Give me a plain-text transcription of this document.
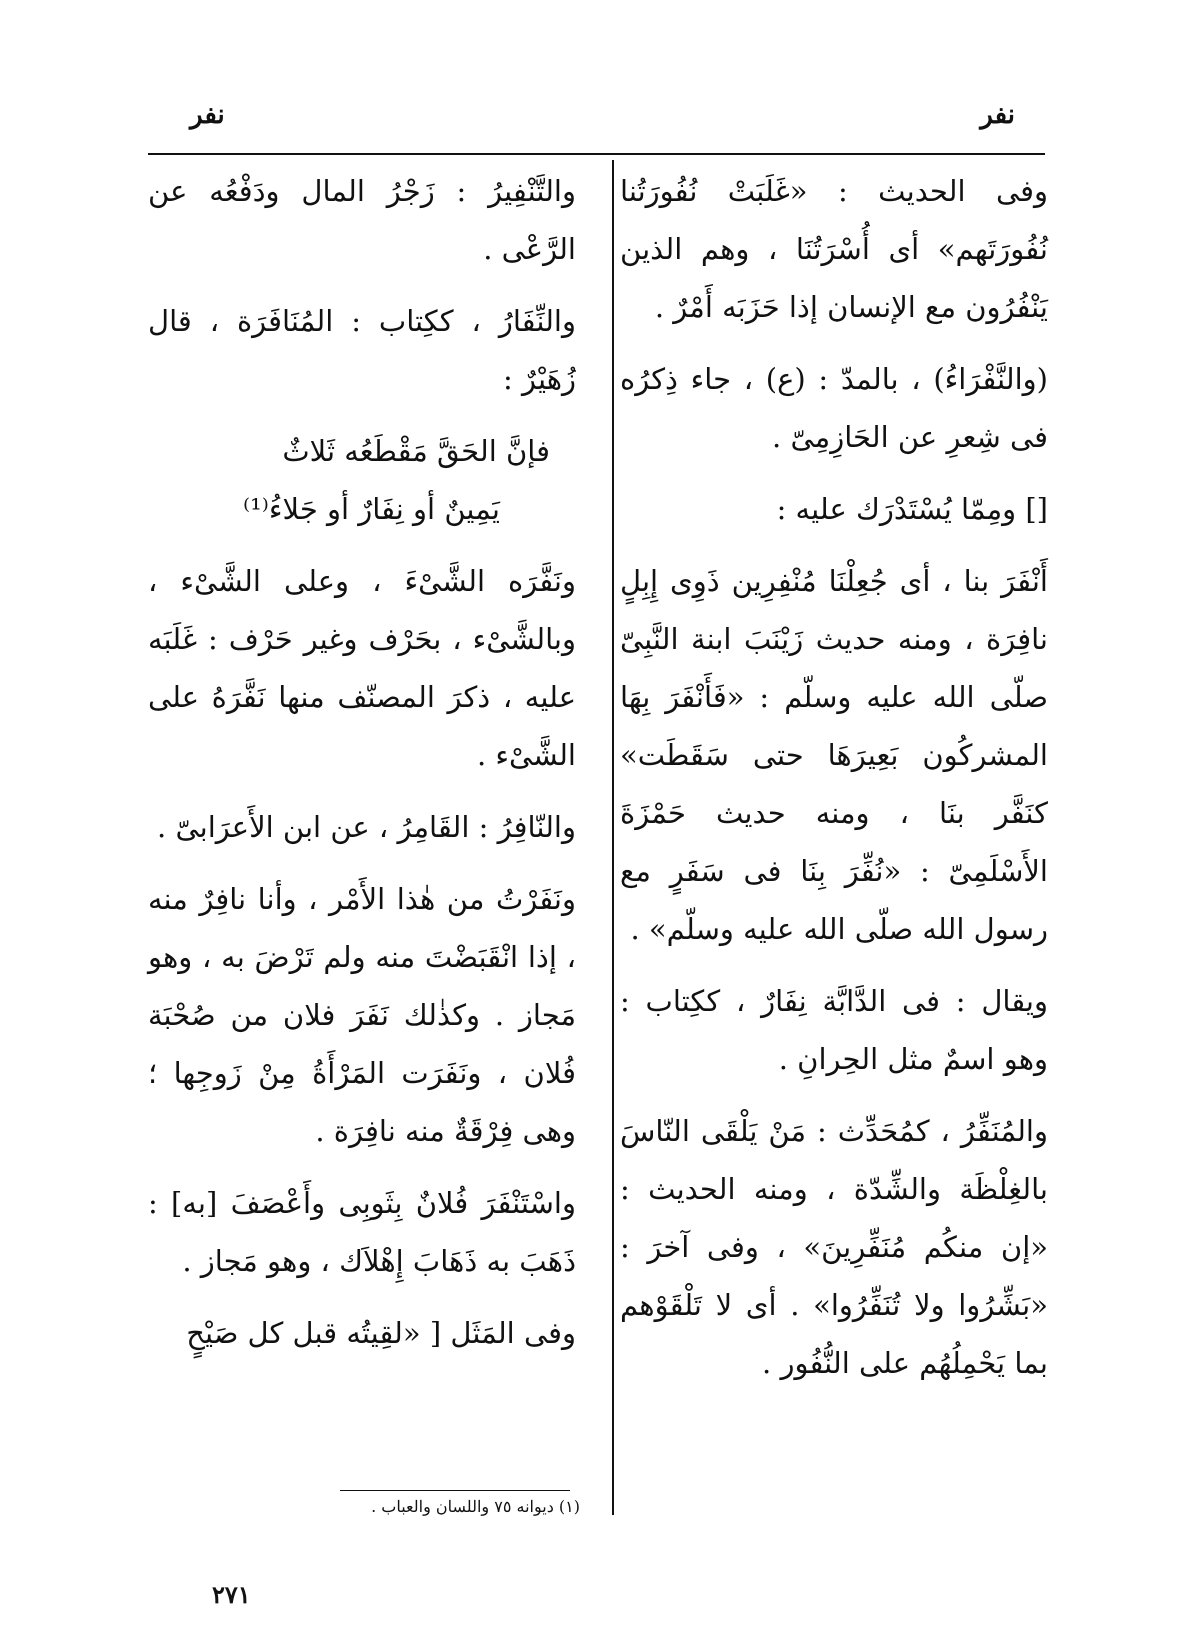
نفر
نفر

وفى الحديث : «غَلَبَتْ نُفُورَتُنا نُفُورَتَهم» أى أُسْرَتُنَا ، وهم الذين يَنْفُرُون مع الإنسان إذا حَزَبَه أَمْرٌ .

(والنَّفْرَاءُ) ، بالمدّ : (ع) ، جاء ذِكرُه فى شِعرِ عن الحَازِمِىّ .

[] ومِمّا يُسْتَدْرَك عليه :

أَنْفَرَ بنا ، أى جُعِلْنَا مُنْفِرِين ذَوِى إِبِلٍ نافِرَة ، ومنه حديث زَيْنَبَ ابنة النَّبِىّ صلّى الله عليه وسلّم : «فَأَنْفَرَ بِهَا المشركُون بَعِيرَهَا حتى سَقَطَت» كنَفَّر بنَا ، ومنه حديث حَمْزَةَ الأَسْلَمِىّ : «نُفِّرَ بِنَا فى سَفَرٍ مع رسول الله صلّى الله عليه وسلّم» .

ويقال : فى الدَّابَّة نِفَارٌ ، ككِتاب : وهو اسمٌ مثل الحِرانِ .

والمُنَفِّرُ ، كمُحَدِّث : مَنْ يَلْقَى النّاسَ بالغِلْظَة والشِّدّة ، ومنه الحديث : «إن منكُم مُنَفِّرِينَ» ، وفى آخرَ : «بَشِّرُوا ولا تُنَفِّرُوا» . أى لا تَلْقَوْهم بما يَحْمِلُهُم على النُّفُور .

والتَّنْفِيرُ : زَجْرُ المال ودَفْعُه عن الرَّعْى .

والنِّفَارُ ، ككِتاب : المُنَافَرَة ، قال زُهَيْرٌ :

فإنَّ الحَقَّ مَقْطَعُه ثَلاثٌ
يَمِينٌ أو نِفَارٌ أو جَلاءُ⁽¹⁾

ونَفَّرَه الشَّىْءَ ، وعلى الشَّىْء ، وبالشَّىْء ، بحَرْف وغير حَرْف : غَلَبَه عليه ، ذكرَ المصنّف منها نَفَّرَهُ على الشَّىْء .

والنّافِرُ : القَامِرُ ، عن ابن الأَعرَابىّ .

ونَفَرْتُ من هٰذا الأَمْر ، وأنا نافِرٌ منه ، إذا انْقَبَضْتَ منه ولم تَرْضَ به ، وهو مَجاز . وكذٰلك نَفَرَ فلان من صُحْبَة فُلان ، ونَفَرَت المَرْأَةُ مِنْ زَوجِها ؛ وهى فِرْقَةٌ منه نافِرَة .

واسْتَنْفَرَ فُلانٌ بِثَوبِى وأَعْصَفَ [به] : ذَهَبَ به ذَهَابَ إِهْلاَك ، وهو مَجاز .

وفى المَثَل [ «لقِيتُه قبل كل صَيْحٍ

(١) ديوانه ٧٥ واللسان والعباب .
٢٧١
